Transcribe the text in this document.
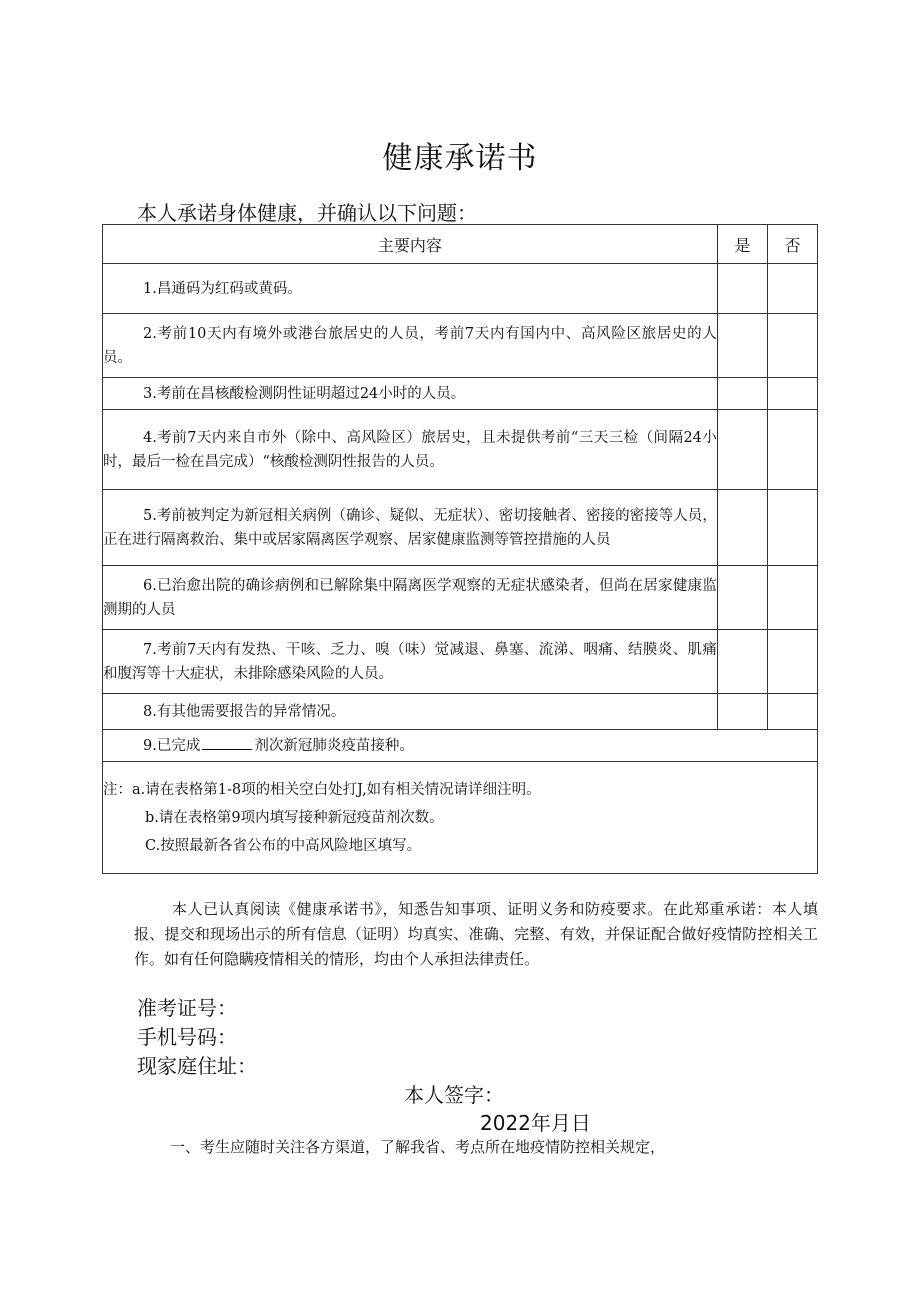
健康承诺书
本人承诺身体健康，并确认以下问题：
主要内容	是	否
1.昌通码为红码或黄码。		
2.考前10天内有境外或港台旅居史的人员，考前7天内有国内中、高风险区旅居史的人员。		
3.考前在昌核酸检测阴性证明超过24小时的人员。		
4.考前7天内来自市外（除中、高风险区）旅居史，且未提供考前“三天三检（间隔24小时，最后一检在昌完成）“核酸检测阴性报告的人员。		
5.考前被判定为新冠相关病例（确诊、疑似、无症状）、密切接触者、密接的密接等人员，正在进行隔离救治、集中或居家隔离医学观察、居家健康监测等管控措施的人员		
6.已治愈出院的确诊病例和已解除集中隔离医学观察的无症状感染者，但尚在居家健康监测期的人员		
7.考前7天内有发热、干咳、乏力、嗅（味）觉减退、鼻塞、流涕、咽痛、结膜炎、肌痛和腹泻等十大症状，未排除感染风险的人员。		
8.有其他需要报告的异常情况。		
9.已完成 剂次新冠肺炎疫苗接种。		

注：a.请在表格第1-8项的相关空白处打J,如有相关情况请详细注明。
b.请在表格第9项内填写接种新冠疫苗剂次数。
C.按照最新各省公布的中高风险地区填写。		
本人已认真阅读《健康承诺书》，知悉告知事项、证明义务和防疫要求。在此郑重承诺：本人填报、提交和现场出示的所有信息（证明）均真实、准确、完整、有效，并保证配合做好疫情防控相关工作。如有任何隐瞒疫情相关的情形，均由个人承担法律责任。
准考证号：
手机号码：
现家庭住址：
本人签字：
2022年月日
一、考生应随时关注各方渠道，了解我省、考点所在地疫情防控相关规定，
